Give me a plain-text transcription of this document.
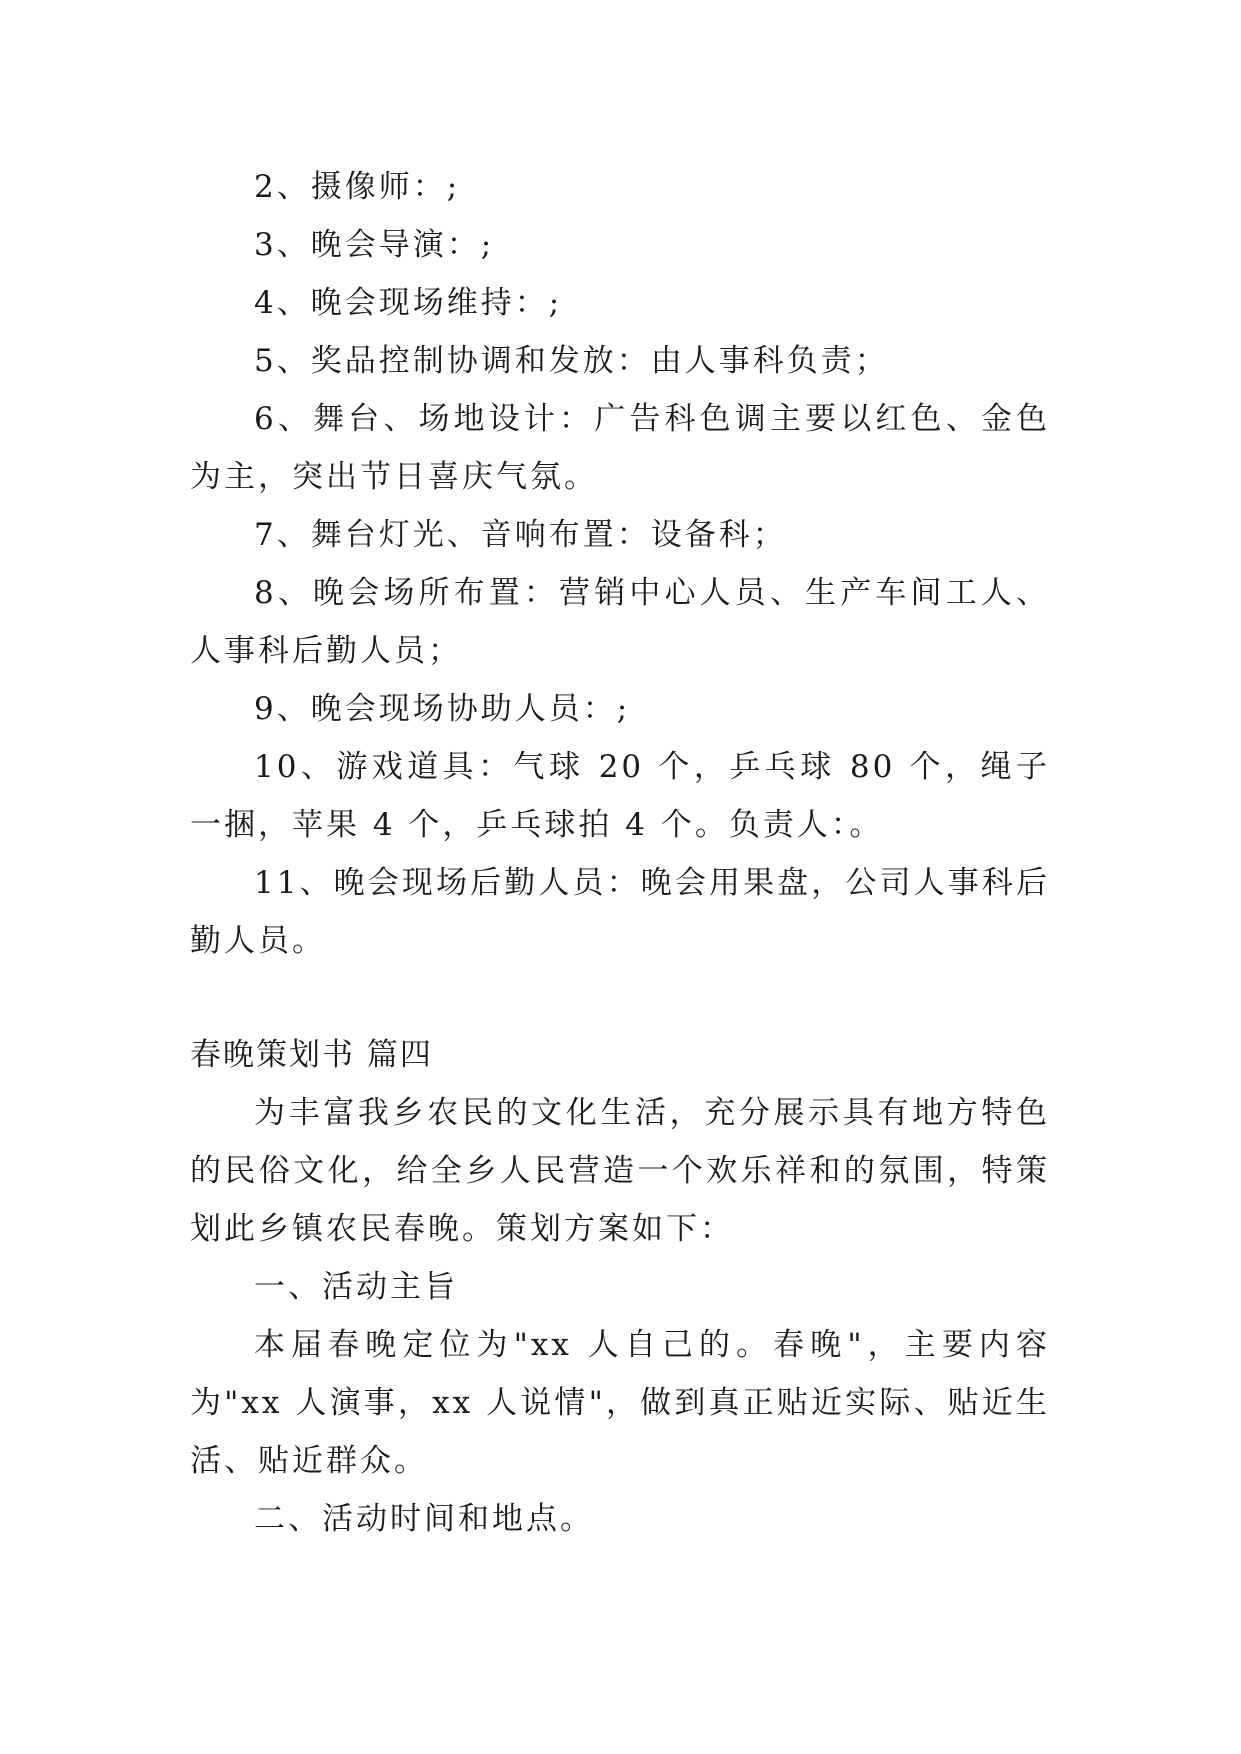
2、摄像师：;

3、晚会导演：;

4、晚会现场维持：;

5、奖品控制协调和发放：由人事科负责；

6、舞台、场地设计：广告科色调主要以红色、金色为主，突出节日喜庆气氛。

7、舞台灯光、音响布置：设备科；

8、晚会场所布置：营销中心人员、生产车间工人、人事科后勤人员；

9、晚会现场协助人员：;

10、游戏道具：气球 20 个，乒乓球 80 个，绳子一捆，苹果 4 个，乒乓球拍 4 个。负责人：。

11、晚会现场后勤人员：晚会用果盘，公司人事科后勤人员。

春晚策划书 篇四

为丰富我乡农民的文化生活，充分展示具有地方特色的民俗文化，给全乡人民营造一个欢乐祥和的氛围，特策划此乡镇农民春晚。策划方案如下：

一、活动主旨

本届春晚定位为"xx 人自己的。春晚"，主要内容为"xx 人演事，xx 人说情"，做到真正贴近实际、贴近生活、贴近群众。

二、活动时间和地点。
